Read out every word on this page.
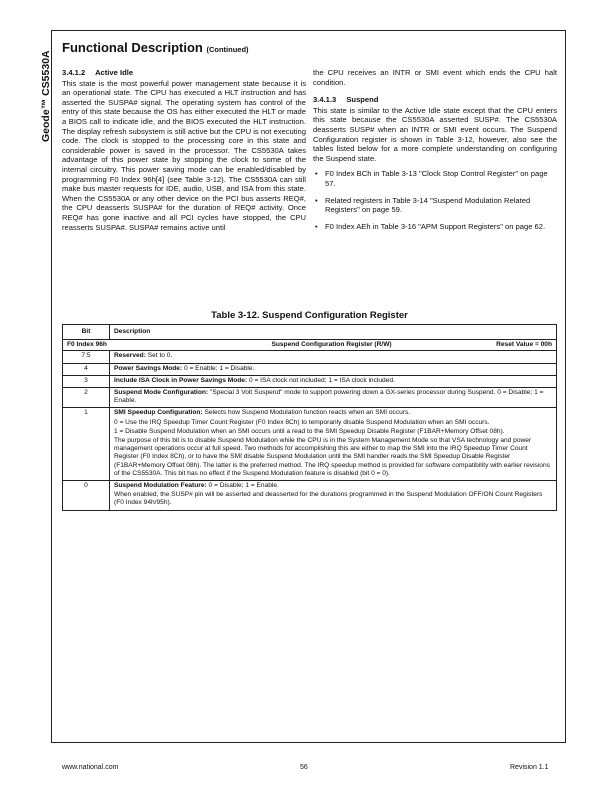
Geode™ CS5530A
Functional Description (Continued)

3.4.1.2 Active Idle

This state is the most powerful power management state because it is an operational state. The CPU has executed a HLT instruction and has asserted the SUSPA# signal. The operating system has control of the entry of this state because the OS has either executed the HLT or made a BIOS call to indicate idle, and the BIOS executed the HLT instruction. The display refresh subsystem is still active but the CPU is not executing code. The clock is stopped to the processing core in this state and considerable power is saved in the processor. The CS5530A takes advantage of this power state by stopping the clock to some of the internal circuitry. This power saving mode can be enabled/disabled by programming F0 Index 96h[4] (see Table 3-12). The CS5530A can still make bus master requests for IDE, audio, USB, and ISA from this state. When the CS5530A or any other device on the PCI bus asserts REQ#, the CPU deasserts SUSPA# for the duration of REQ# activity. Once REQ# has gone inactive and all PCI cycles have stopped, the CPU reasserts SUSPA#. SUSPA# remains active until

the CPU receives an INTR or SMI event which ends the CPU halt condition.

3.4.1.3 Suspend

This state is similar to the Active Idle state except that the CPU enters this state because the CS5530A asserted SUSP#. The CS5530A deasserts SUSP# when an INTR or SMI event occurs. The Suspend Configuration register is shown in Table 3-12, however, also see the tables listed below for a more complete understanding on configuring the Suspend state.

• F0 Index BCh in Table 3-13 "Clock Stop Control Register" on page 57.
• Related registers in Table 3-14 "Suspend Modulation Related Registers" on page 59.
• F0 Index AEh in Table 3-16 "APM Support Registers" on page 62.
Table 3-12. Suspend Configuration Register
Bit	Description

F0 Index 96h Suspend Configuration Register (R/W) Reset Value = 00h	

7:5	Reserved: Set to 0.

4	Power Savings Mode: 0 = Enable; 1 = Disable.

3	Include ISA Clock in Power Savings Mode: 0 = ISA clock not included; 1 = ISA clock included.

2	Suspend Mode Configuration: "Special 3 Volt Suspend" mode to support powering down a GX-series processor during Suspend. 0 = Disable; 1 = Enable.

1	SMI Speedup Configuration: Selects how Suspend Modulation function reacts when an SMI occurs.

0 = Use the IRQ Speedup Timer Count Register (F0 Index 8Ch) to temporarily disable Suspend Modulation when an SMI occurs.

1 = Disable Suspend Modulation when an SMI occurs until a read to the SMI Speedup Disable Register (F1BAR+Memory Offset 08h).

The purpose of this bit is to disable Suspend Modulation while the CPU is in the System Management Mode so that VSA technology and power management operations occur at full speed. Two methods for accomplishing this are either to map the SMI into the IRQ Speedup Timer Count Register (F0 Index 8Ch), or to have the SMI disable Suspend Modulation until the SMI handler reads the SMI Speedup Disable Register (F1BAR+Memory Offset 08h). The latter is the preferred method. The IRQ speedup method is provided for software compatibility with earlier revisions of the CS5530A. This bit has no effect if the Suspend Modulation feature is disabled (bit 0 = 0).

0	Suspend Modulation Feature: 0 = Disable; 1 = Enable.

When enabled, the SUSP# pin will be asserted and deasserted for the durations programmed in the Suspend Modulation OFF/ON Count Registers (F0 Index 94h/95h).

www.national.com	56	Revision 1.1
